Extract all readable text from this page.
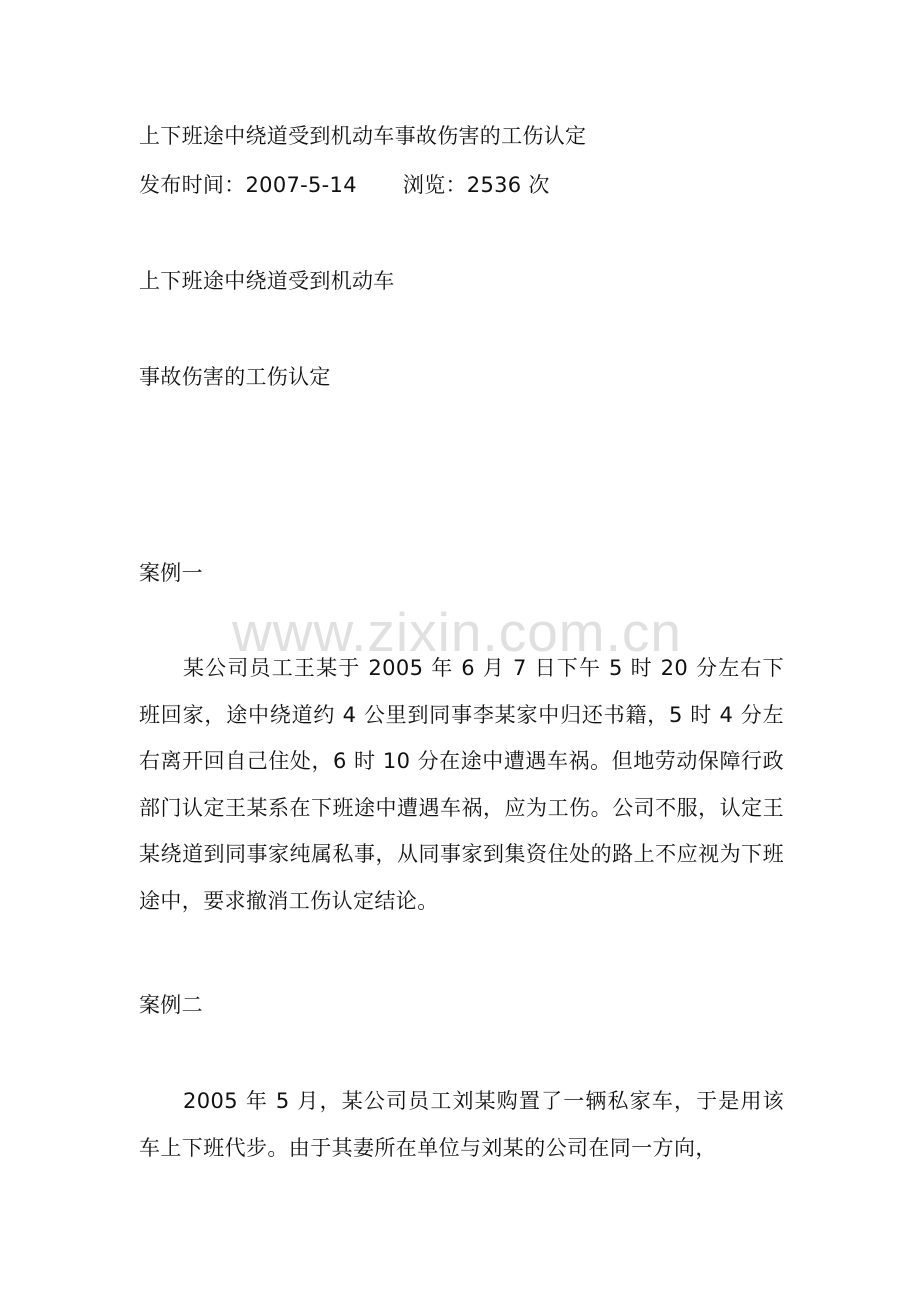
上下班途中绕道受到机动车事故伤害的工伤认定
发布时间：2007-5-14 浏览：2536 次
上下班途中绕道受到机动车
事故伤害的工伤认定
案例一
某公司员工王某于 2005 年 6 月 7 日下午 5 时 20 分左右下班回家，途中绕道约 4 公里到同事李某家中归还书籍，5 时 4 分左右离开回自己住处，6 时 10 分在途中遭遇车祸。但地劳动保障行政部门认定王某系在下班途中遭遇车祸，应为工伤。公司不服，认定王某绕道到同事家纯属私事，从同事家到集资住处的路上不应视为下班途中，要求撤消工伤认定结论。
案例二
2005 年 5 月，某公司员工刘某购置了一辆私家车，于是用该车上下班代步。由于其妻所在单位与刘某的公司在同一方向，
www.zixin.com.cn
